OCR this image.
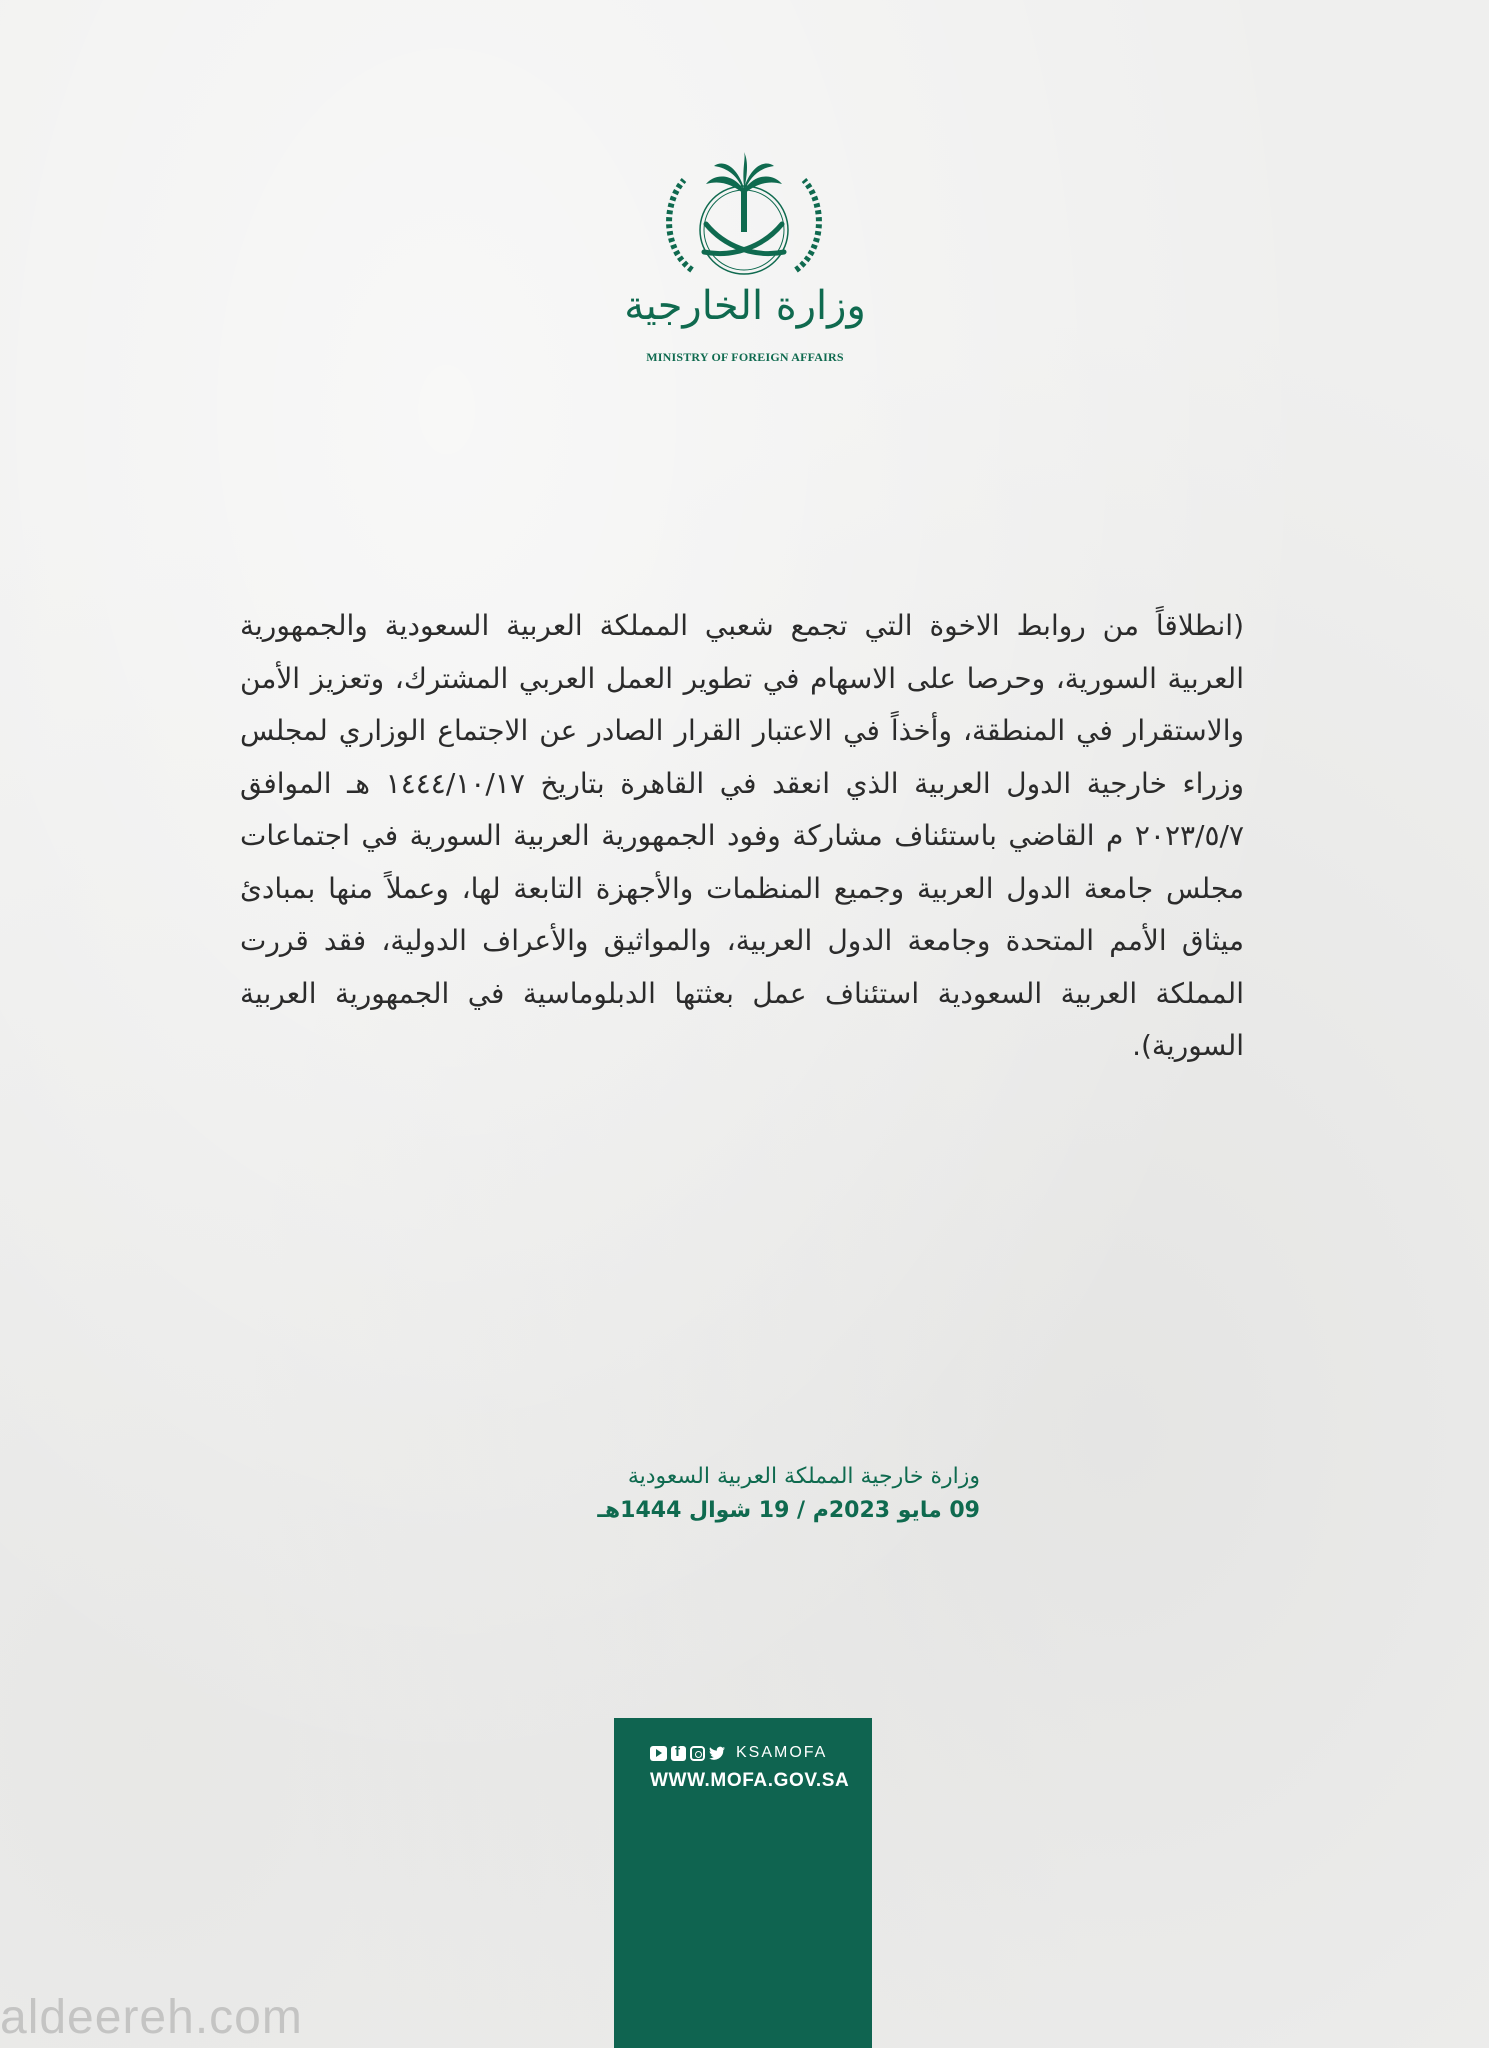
وزارة الخارجية
MINISTRY OF FOREIGN AFFAIRS
(انطلاقاً من روابط الاخوة التي تجمع شعبي المملكة العربية السعودية والجمهورية العربية السورية، وحرصا على الاسهام في تطوير العمل العربي المشترك، وتعزيز الأمن والاستقرار في المنطقة، وأخذاً في الاعتبار القرار الصادر عن الاجتماع الوزاري لمجلس وزراء خارجية الدول العربية الذي انعقد في القاهرة بتاريخ ١٤٤٤/١٠/١٧ هـ الموافق ٢٠٢٣/٥/٧ م القاضي باستئناف مشاركة وفود الجمهورية العربية السورية في اجتماعات مجلس جامعة الدول العربية وجميع المنظمات والأجهزة التابعة لها، وعملاً منها بمبادئ ميثاق الأمم المتحدة وجامعة الدول العربية، والمواثيق والأعراف الدولية، فقد قررت المملكة العربية السعودية استئناف عمل بعثتها الدبلوماسية في الجمهورية العربية السورية).
وزارة خارجية المملكة العربية السعودية
09 مايو 2023م / 19 شوال 1444هـ
f
KSAMOFA
WWW.MOFA.GOV.SA
aldeereh.com
